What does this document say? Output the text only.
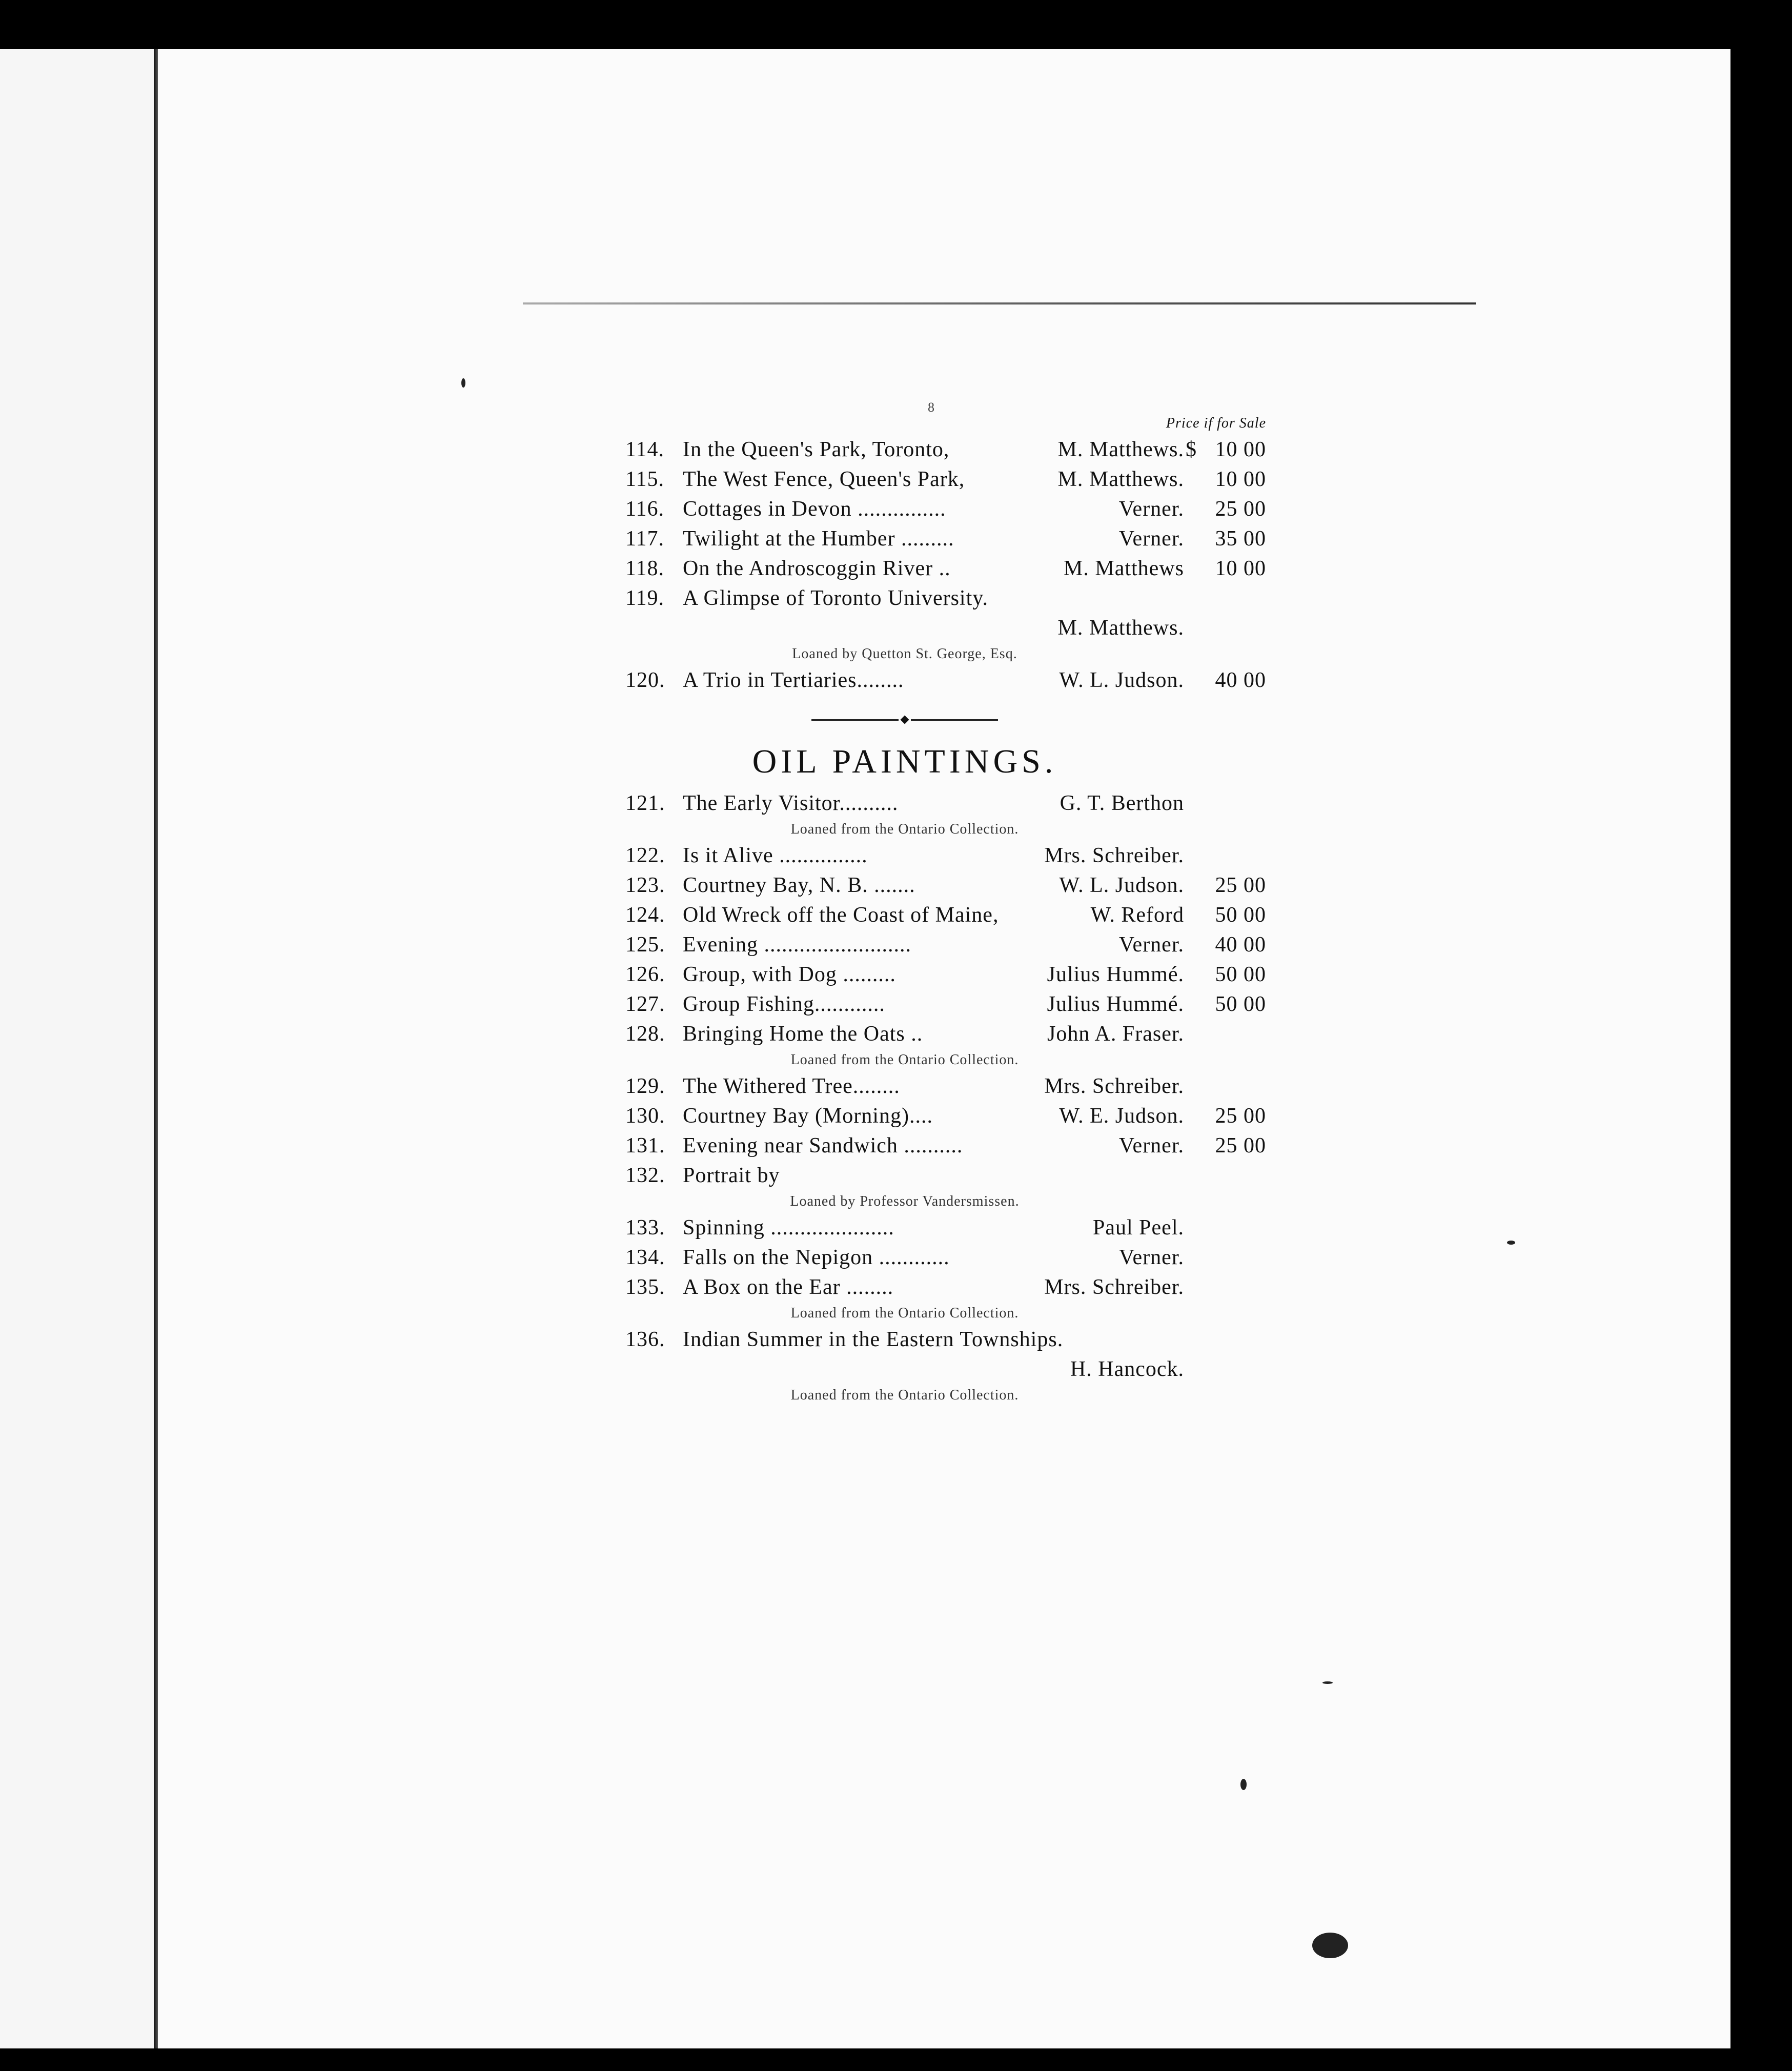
8
Price if for Sale
114. In the Queen's Park, Toronto,	M. Matthews. $ 10 00
115. The West Fence, Queen's Park,	M. Matthews.	10 00
116. Cottages in Devon ...............	Verner.	25 00
117. Twilight at the Humber .........	Verner.	35 00
118. On the Androscoggin River ..	M. Matthews	10 00
119. A Glimpse of Toronto University.
M. Matthews.
Loaned by Quetton St. George, Esq.
120. A Trio in Tertiaries........	W. L. Judson.	40 00
OIL PAINTINGS.
121. The Early Visitor..........	G. T. Berthon
Loaned from the Ontario Collection.
122. Is it Alive ...............	Mrs. Schreiber.
123. Courtney Bay, N. B. .......	W. L. Judson.	25 00
124. Old Wreck off the Coast of Maine,	W. Reford	50 00
125. Evening .........................	Verner.	40 00
126. Group, with Dog .........	Julius Hummé.	50 00
127. Group Fishing............	Julius Hummé.	50 00
128. Bringing Home the Oats ..	John A. Fraser.
Loaned from the Ontario Collection.
129. The Withered Tree........	Mrs. Schreiber.
130. Courtney Bay (Morning)....	W. E. Judson.	25 00
131. Evening near Sandwich ..........	Verner.	25 00
132. Portrait by
Loaned by Professor Vandersmissen.
133. Spinning .....................	Paul Peel.
134. Falls on the Nepigon ............	Verner.
135. A Box on the Ear ........	Mrs. Schreiber.
Loaned from the Ontario Collection.
136. Indian Summer in the Eastern Townships.
H. Hancock.
Loaned from the Ontario Collection.
